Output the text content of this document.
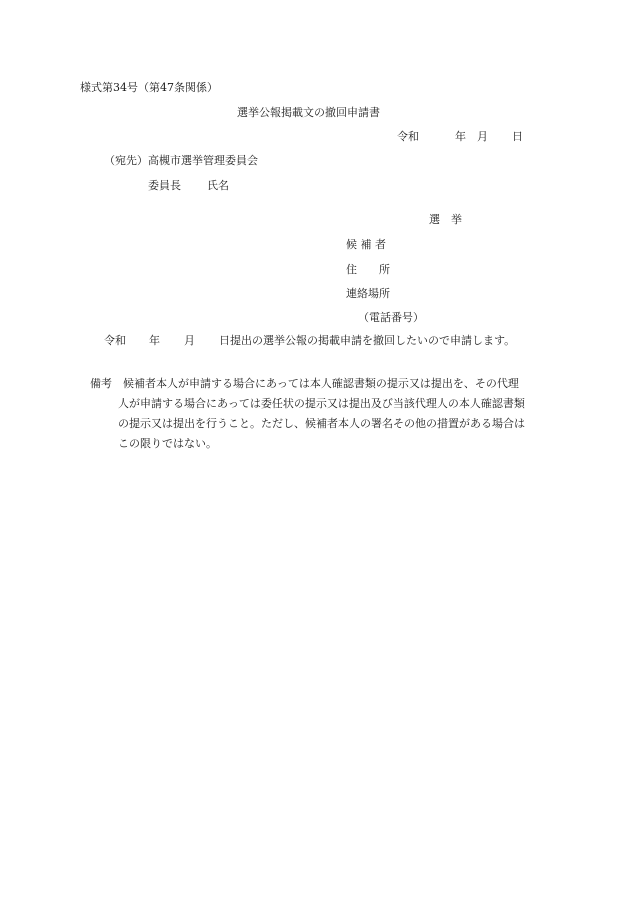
様式第34号（第47条関係）
選挙公報掲載文の撤回申請書
令和	年 月 日
（宛先） 高槻市選挙管理委員会
委員長 氏名
選　挙
候 補 者
住　　所
連絡場所
（電話番号）
令和 年 月 日提出の選挙公報の掲載申請を撤回したいので申請します。
備考　 候補者本人が申請する場合にあっては本人確認書類の提示又は提出を、その代理
人が申請する場合にあっては委任状の提示又は提出及び当該代理人の本人確認書類
の提示又は提出を行うこと。ただし、候補者本人の署名その他の措置がある場合は
この限りではない。
